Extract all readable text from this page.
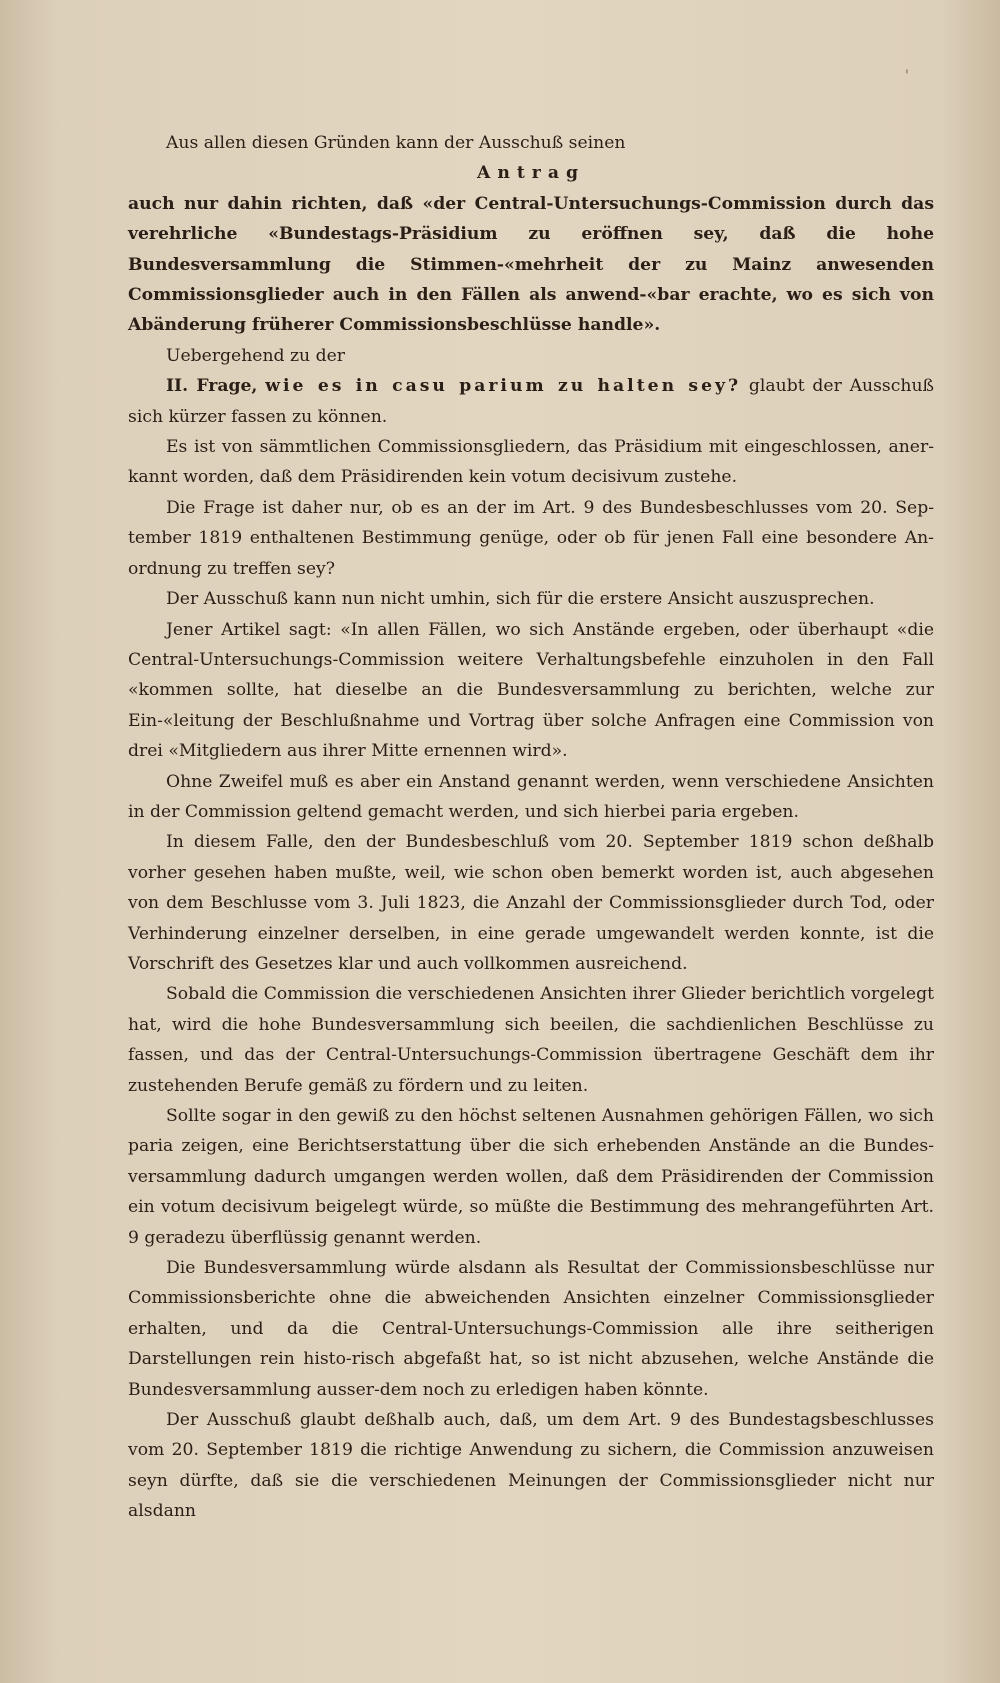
'

Aus allen diesen Gründen kann der Ausschuß seinen

Antrag

auch nur dahin richten, daß «der Central-Untersuchungs-Commission durch das verehrliche «Bundestags-Präsidium zu eröffnen sey, daß die hohe Bundesversammlung die Stimmen-«mehrheit der zu Mainz anwesenden Commissionsglieder auch in den Fällen als anwend-«bar erachte, wo es sich von Abänderung früherer Commissionsbeschlüsse handle».

Uebergehend zu der

II. Frage, wie es in casu parium zu halten sey? glaubt der Ausschuß sich kürzer fassen zu können.

Es ist von sämmtlichen Commissionsgliedern, das Präsidium mit eingeschlossen, aner-kannt worden, daß dem Präsidirenden kein votum decisivum zustehe.

Die Frage ist daher nur, ob es an der im Art. 9 des Bundesbeschlusses vom 20. Sep-tember 1819 enthaltenen Bestimmung genüge, oder ob für jenen Fall eine besondere An-ordnung zu treffen sey?

Der Ausschuß kann nun nicht umhin, sich für die erstere Ansicht auszusprechen.

Jener Artikel sagt: «In allen Fällen, wo sich Anstände ergeben, oder überhaupt «die Central-Untersuchungs-Commission weitere Verhaltungsbefehle einzuholen in den Fall «kommen sollte, hat dieselbe an die Bundesversammlung zu berichten, welche zur Ein-«leitung der Beschlußnahme und Vortrag über solche Anfragen eine Commission von drei «Mitgliedern aus ihrer Mitte ernennen wird».

Ohne Zweifel muß es aber ein Anstand genannt werden, wenn verschiedene Ansichten in der Commission geltend gemacht werden, und sich hierbei paria ergeben.

In diesem Falle, den der Bundesbeschluß vom 20. September 1819 schon deßhalb vorher gesehen haben mußte, weil, wie schon oben bemerkt worden ist, auch abgesehen von dem Beschlusse vom 3. Juli 1823, die Anzahl der Commissionsglieder durch Tod, oder Verhinderung einzelner derselben, in eine gerade umgewandelt werden konnte, ist die Vorschrift des Gesetzes klar und auch vollkommen ausreichend.

Sobald die Commission die verschiedenen Ansichten ihrer Glieder berichtlich vorgelegt hat, wird die hohe Bundesversammlung sich beeilen, die sachdienlichen Beschlüsse zu fassen, und das der Central-Untersuchungs-Commission übertragene Geschäft dem ihr zustehenden Berufe gemäß zu fördern und zu leiten.

Sollte sogar in den gewiß zu den höchst seltenen Ausnahmen gehörigen Fällen, wo sich paria zeigen, eine Berichtserstattung über die sich erhebenden Anstände an die Bundes-versammlung dadurch umgangen werden wollen, daß dem Präsidirenden der Commission ein votum decisivum beigelegt würde, so müßte die Bestimmung des mehrangeführten Art. 9 geradezu überflüssig genannt werden.

Die Bundesversammlung würde alsdann als Resultat der Commissionsbeschlüsse nur Commissionsberichte ohne die abweichenden Ansichten einzelner Commissionsglieder erhalten, und da die Central-Untersuchungs-Commission alle ihre seitherigen Darstellungen rein histo-risch abgefaßt hat, so ist nicht abzusehen, welche Anstände die Bundesversammlung ausser-dem noch zu erledigen haben könnte.

Der Ausschuß glaubt deßhalb auch, daß, um dem Art. 9 des Bundestagsbeschlusses vom 20. September 1819 die richtige Anwendung zu sichern, die Commission anzuweisen seyn dürfte, daß sie die verschiedenen Meinungen der Commissionsglieder nicht nur alsdann
